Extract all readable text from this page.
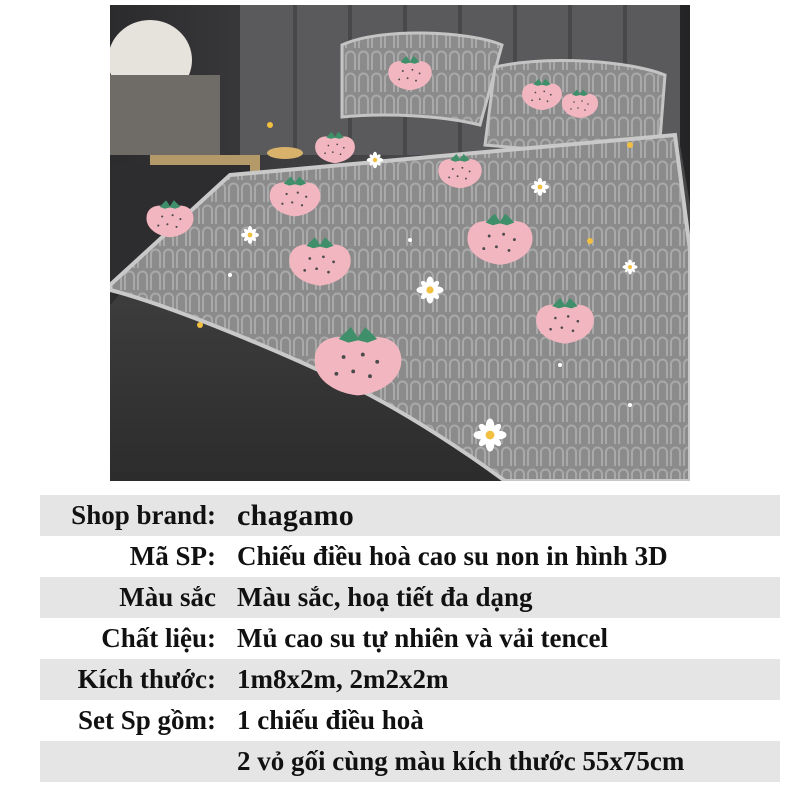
Shop brand:		chagamo
Mã SP:		Chiếu điều hoà cao su non in hình 3D
Màu sắc		Màu sắc, hoạ tiết đa dạng
Chất liệu:		Mủ cao su tự nhiên và vải tencel
Kích thước:		1m8x2m, 2m2x2m
Set Sp gồm:		1 chiếu điều hoà
		2 vỏ gối cùng màu kích thước 55x75cm
